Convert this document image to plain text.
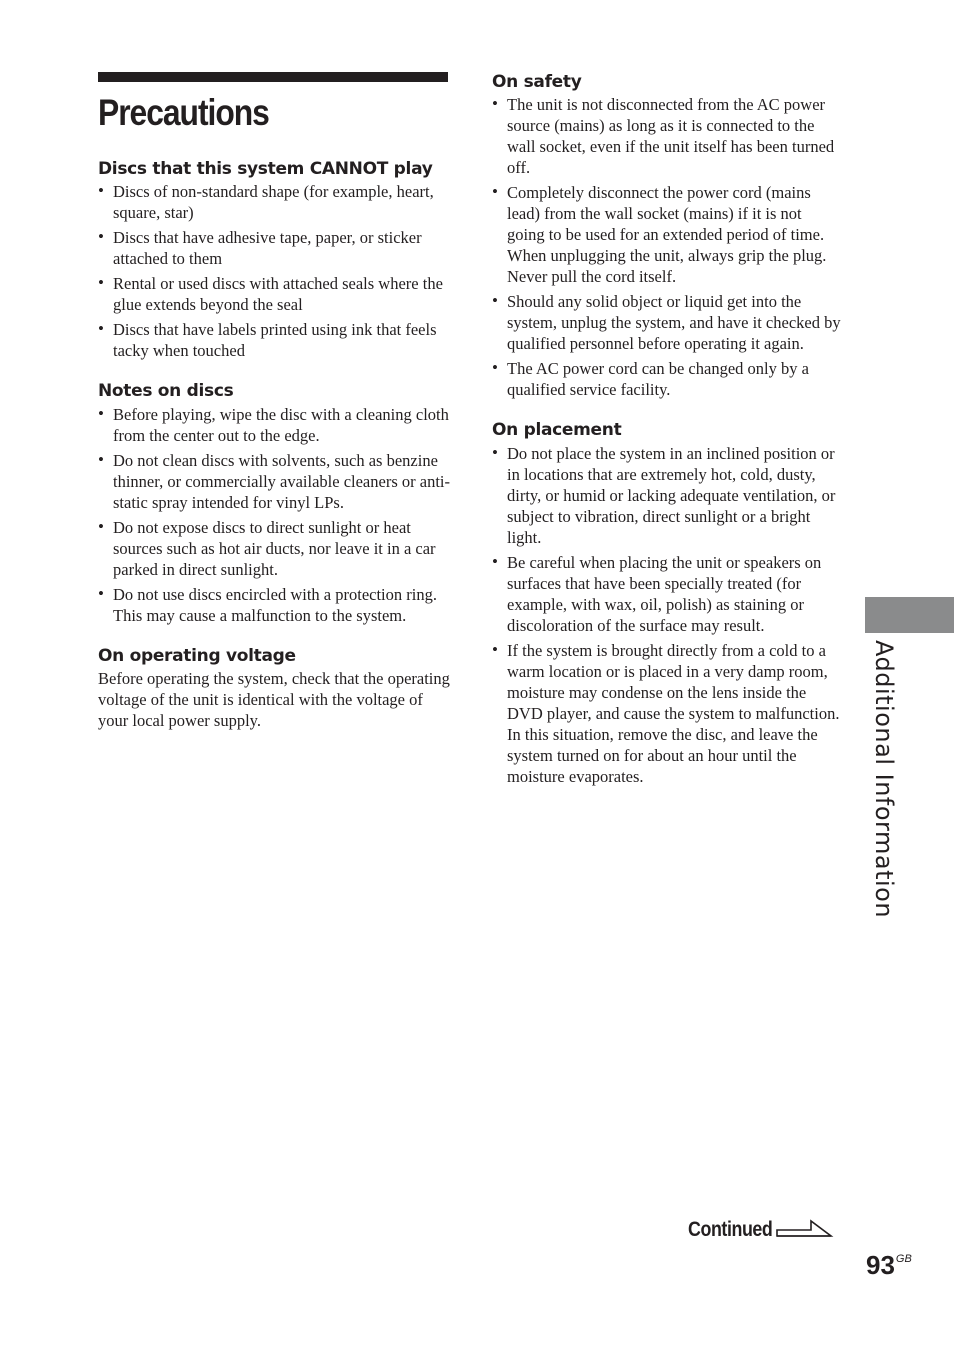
Precautions
Discs that this system CANNOT play
• Discs of non-standard shape (for example, heart, square, star)
• Discs that have adhesive tape, paper, or sticker attached to them
• Rental or used discs with attached seals where the glue extends beyond the seal
• Discs that have labels printed using ink that feels tacky when touched
Notes on discs
• Before playing, wipe the disc with a cleaning cloth from the center out to the edge.
• Do not clean discs with solvents, such as benzine thinner, or commercially available cleaners or anti-static spray intended for vinyl LPs.
• Do not expose discs to direct sunlight or heat sources such as hot air ducts, nor leave it in a car parked in direct sunlight.
• Do not use discs encircled with a protection ring. This may cause a malfunction to the system.
On operating voltage

Before operating the system, check that the operating voltage of the unit is identical with the voltage of your local power supply.

On safety
• The unit is not disconnected from the AC power source (mains) as long as it is connected to the wall socket, even if the unit itself has been turned off.
• Completely disconnect the power cord (mains lead) from the wall socket (mains) if it is not going to be used for an extended period of time. When unplugging the unit, always grip the plug. Never pull the cord itself.
• Should any solid object or liquid get into the system, unplug the system, and have it checked by qualified personnel before operating it again.
• The AC power cord can be changed only by a qualified service facility.
On placement
• Do not place the system in an inclined position or in locations that are extremely hot, cold, dusty, dirty, or humid or lacking adequate ventilation, or subject to vibration, direct sunlight or a bright light.
• Be careful when placing the unit or speakers on surfaces that have been specially treated (for example, with wax, oil, polish) as staining or discoloration of the surface may result.
• If the system is brought directly from a cold to a warm location or is placed in a very damp room, moisture may condense on the lens inside the DVD player, and cause the system to malfunction. In this situation, remove the disc, and leave the system turned on for about an hour until the moisture evaporates.	Additional Information
Continued
$93^{GB}$
